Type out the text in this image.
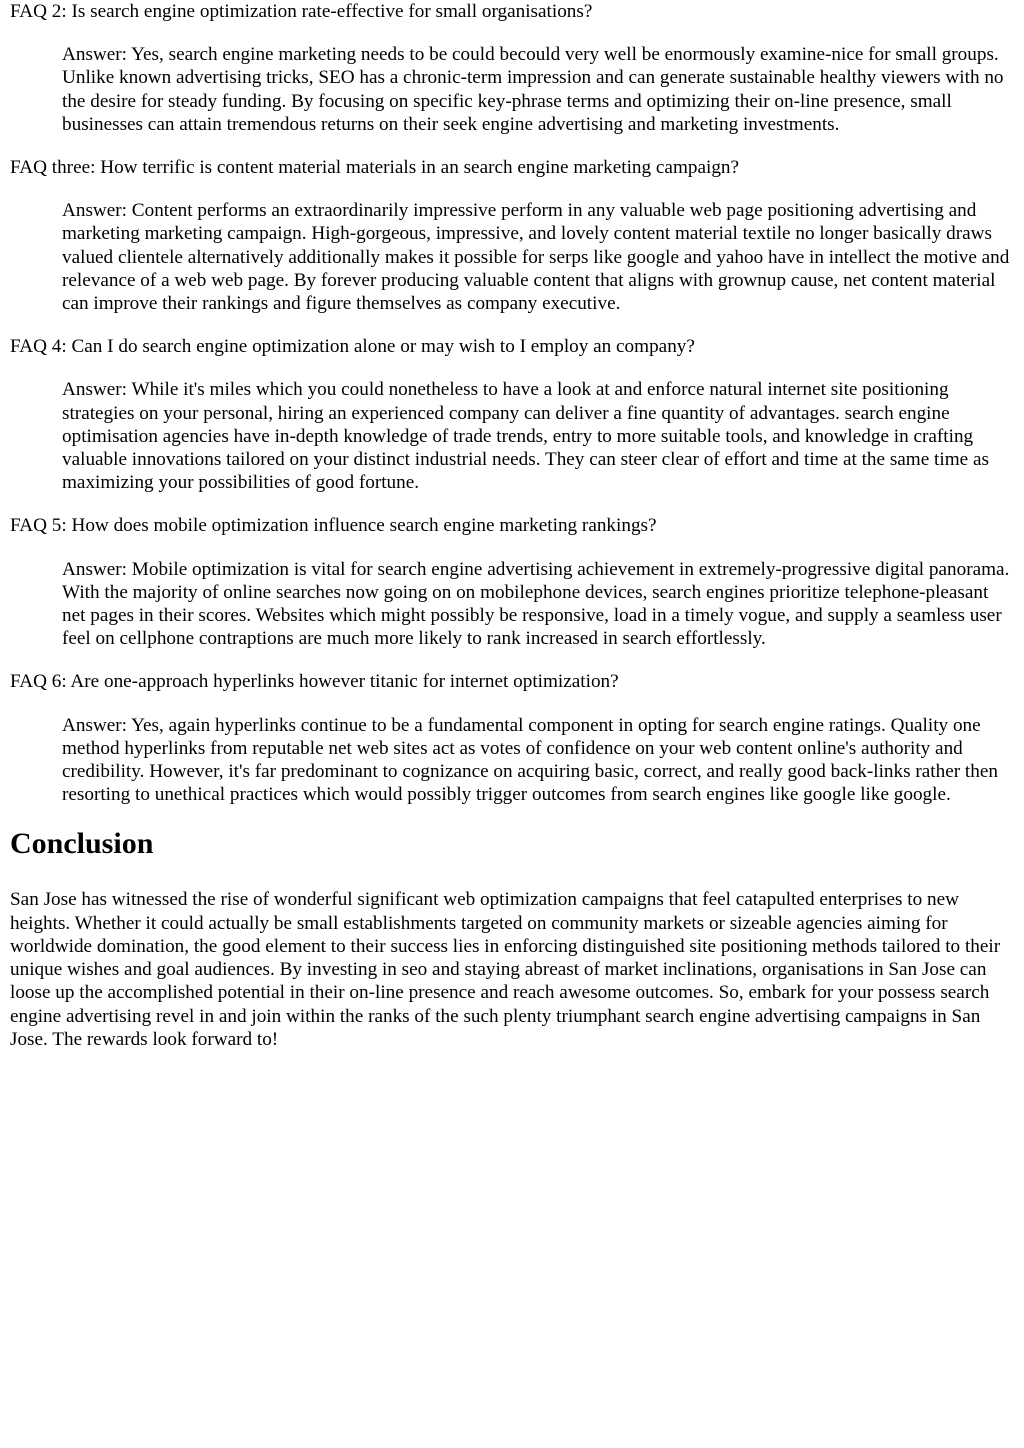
FAQ 2: Is search engine optimization rate-effective for small organisations?

Answer: Yes, search engine marketing needs to be could becould very well be enormously examine-nice for small groups. Unlike known advertising tricks, SEO has a chronic-term impression and can generate sustainable healthy viewers with no the desire for steady funding. By focusing on specific key-phrase terms and optimizing their on-line presence, small businesses can attain tremendous returns on their seek engine advertising and marketing investments.

FAQ three: How terrific is content material materials in an search engine marketing campaign?

Answer: Content performs an extraordinarily impressive perform in any valuable web page positioning advertising and marketing marketing campaign. High-gorgeous, impressive, and lovely content material textile no longer basically draws valued clientele alternatively additionally makes it possible for serps like google and yahoo have in intellect the motive and relevance of a web web page. By forever producing valuable content that aligns with grownup cause, net content material can improve their rankings and figure themselves as company executive.

FAQ 4: Can I do search engine optimization alone or may wish to I employ an company?

Answer: While it's miles which you could nonetheless to have a look at and enforce natural internet site positioning strategies on your personal, hiring an experienced company can deliver a fine quantity of advantages. search engine optimisation agencies have in-depth knowledge of trade trends, entry to more suitable tools, and knowledge in crafting valuable innovations tailored on your distinct industrial needs. They can steer clear of effort and time at the same time as maximizing your possibilities of good fortune.

FAQ 5: How does mobile optimization influence search engine marketing rankings?

Answer: Mobile optimization is vital for search engine advertising achievement in extremely-progressive digital panorama. With the majority of online searches now going on on mobilephone devices, search engines prioritize telephone-pleasant net pages in their scores. Websites which might possibly be responsive, load in a timely vogue, and supply a seamless user feel on cellphone contraptions are much more likely to rank increased in search effortlessly.

FAQ 6: Are one-approach hyperlinks however titanic for internet optimization?

Answer: Yes, again hyperlinks continue to be a fundamental component in opting for search engine ratings. Quality one method hyperlinks from reputable net web sites act as votes of confidence on your web content online's authority and credibility. However, it's far predominant to cognizance on acquiring basic, correct, and really good back-links rather then resorting to unethical practices which would possibly trigger outcomes from search engines like google like google.

Conclusion

San Jose has witnessed the rise of wonderful significant web optimization campaigns that feel catapulted enterprises to new heights. Whether it could actually be small establishments targeted on community markets or sizeable agencies aiming for worldwide domination, the good element to their success lies in enforcing distinguished site positioning methods tailored to their unique wishes and goal audiences. By investing in seo and staying abreast of market inclinations, organisations in San Jose can loose up the accomplished potential in their on-line presence and reach awesome outcomes. So, embark for your possess search engine advertising revel in and join within the ranks of the such plenty triumphant search engine advertising campaigns in San Jose. The rewards look forward to!
